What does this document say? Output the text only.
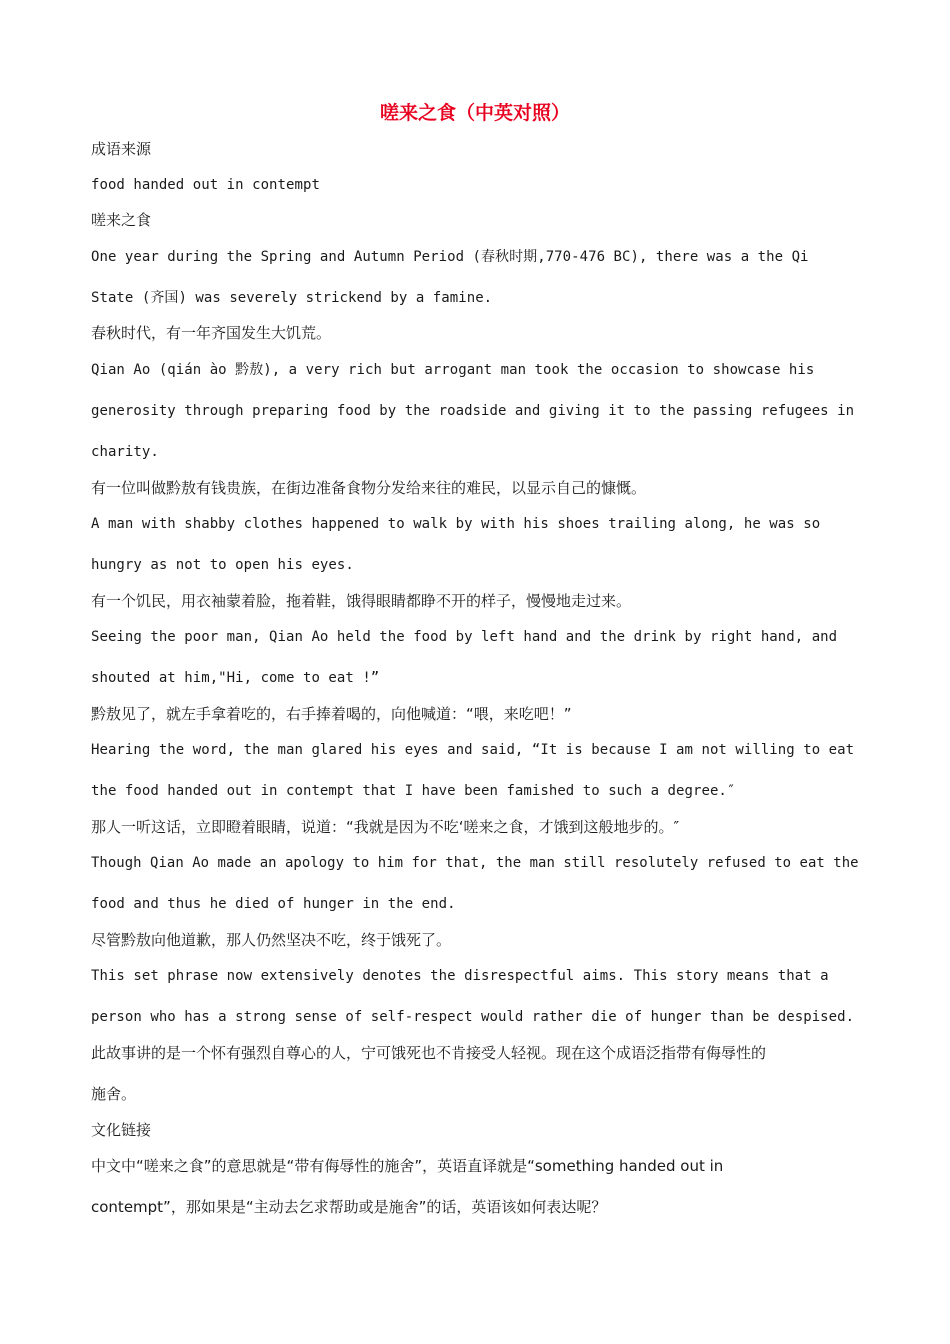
嗟来之食（中英对照）
成语来源
food handed out in contempt
嗟来之食
One year during the Spring and Autumn Period (春秋时期,770-476 BC), there was a the Qi
State (齐国) was severely strickend by a famine.
春秋时代，有一年齐国发生大饥荒。
Qian Ao (qián ào 黔敖), a very rich but arrogant man took the occasion to showcase his
generosity through preparing food by the roadside and giving it to the passing refugees in
charity.
有一位叫做黔敖有钱贵族，在街边准备食物分发给来往的难民，以显示自己的慷慨。
A man with shabby clothes happened to walk by with his shoes trailing along, he was so
hungry as not to open his eyes.
有一个饥民，用衣袖蒙着脸，拖着鞋，饿得眼睛都睁不开的样子，慢慢地走过来。
Seeing the poor man, Qian Ao held the food by left hand and the drink by right hand, and
shouted at him,"Hi, come to eat !”
黔敖见了，就左手拿着吃的，右手捧着喝的，向他喊道：“喂，来吃吧！”
Hearing the word, the man glared his eyes and said, “It is because I am not willing to eat
the food handed out in contempt that I have been famished to such a degree.″
那人一听这话，立即瞪着眼睛，说道：“我就是因为不吃‘嗟来之食，才饿到这般地步的。″
Though Qian Ao made an apology to him for that, the man still resolutely refused to eat the
food and thus he died of hunger in the end.
尽管黔敖向他道歉，那人仍然坚决不吃，终于饿死了。
This set phrase now extensively denotes the disrespectful aims. This story means that a
person who has a strong sense of self-respect would rather die of hunger than be despised.
此故事讲的是一个怀有强烈自尊心的人，宁可饿死也不肯接受人轻视。现在这个成语泛指带有侮辱性的
施舍。
文化链接
中文中“嗟来之食”的意思就是“带有侮辱性的施舍”，英语直译就是“something handed out in
contempt”，那如果是“主动去乞求帮助或是施舍”的话，英语该如何表达呢？
